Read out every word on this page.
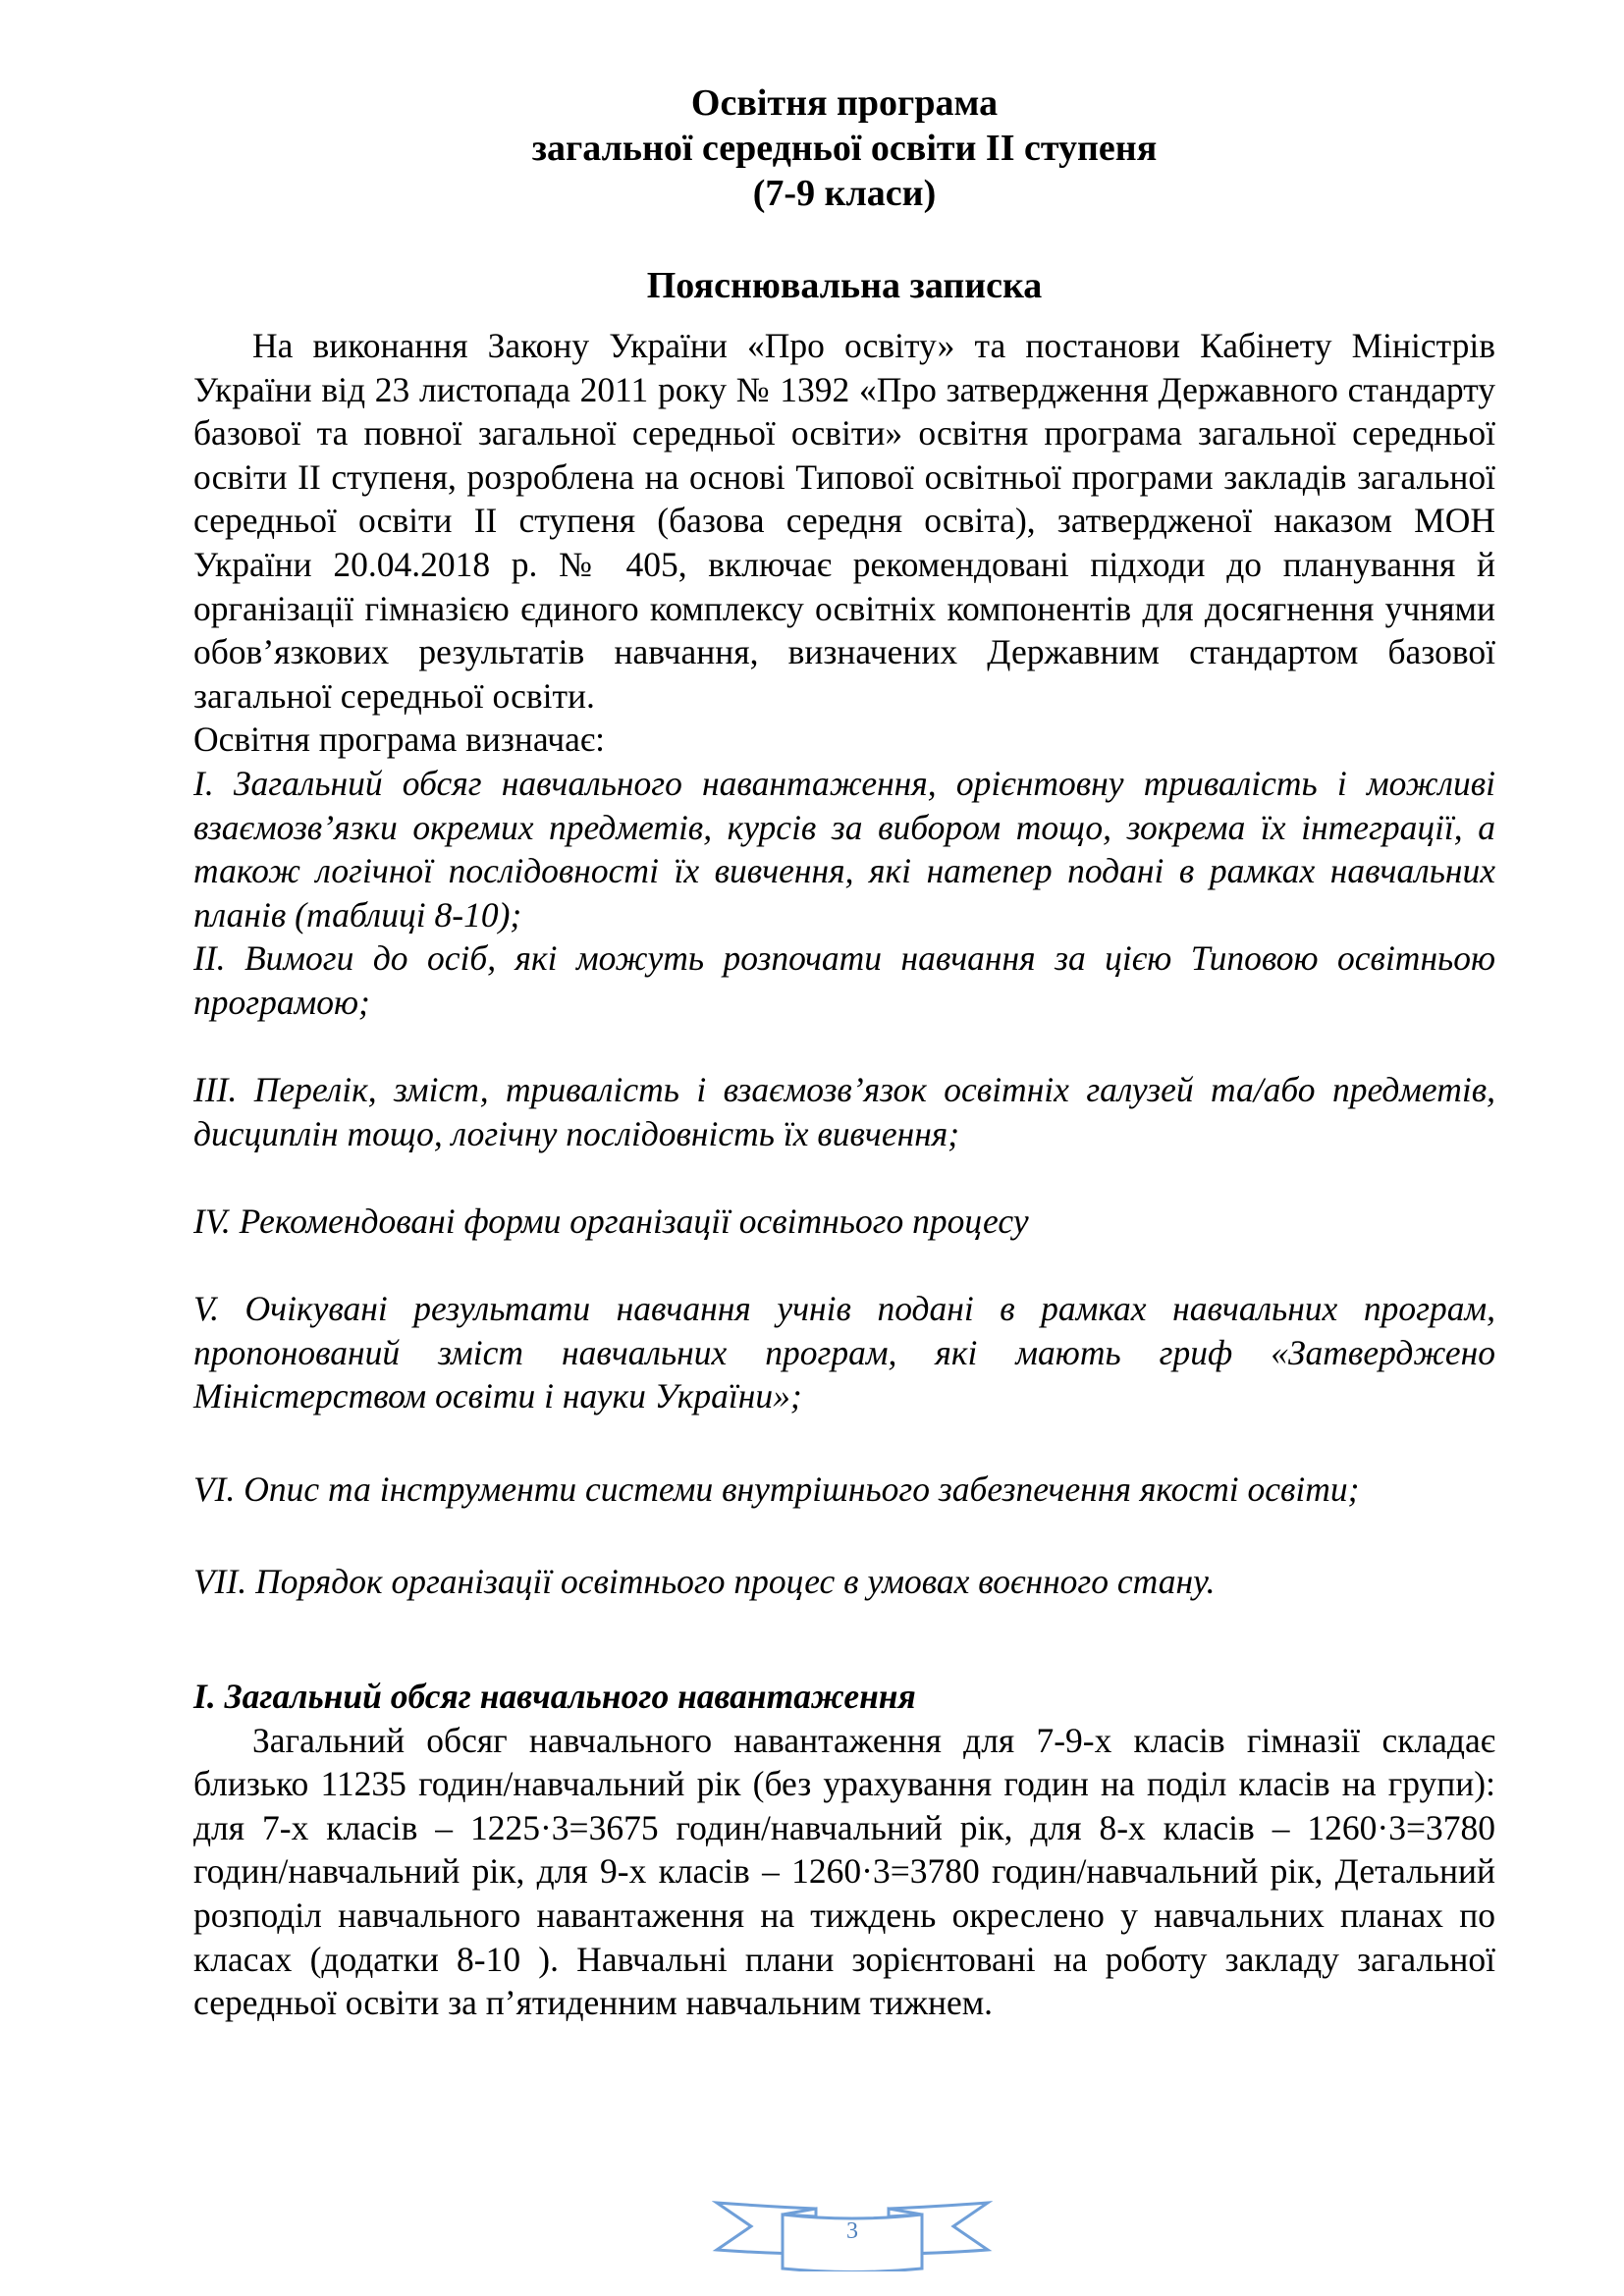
Освітня програма

загальної середньої освіти ІІ ступеня

(7-9 класи)

Пояснювальна записка

На виконання Закону України «Про освіту» та постанови Кабінету Міністрів України від 23 листопада 2011 року № 1392 «Про затвердження Державного стандарту базової та повної загальної середньої освіти» освітня програма загальної середньої освіти ІІ ступеня, розроблена на основі Типової освітньої програми закладів загальної середньої освіти ІІ ступеня (базова середня освіта), затвердженої наказом МОН України 20.04.2018 р. № 405, включає рекомендовані підходи до планування й організації гімназією єдиного комплексу освітніх компонентів для досягнення учнями обов’язкових результатів навчання, визначених Державним стандартом базової загальної середньої освіти.

Освітня програма визначає:

І. Загальний обсяг навчального навантаження, орієнтовну тривалість і можливі взаємозв’язки окремих предметів, курсів за вибором тощо, зокрема їх інтеграції, а також логічної послідовності їх вивчення, які натепер подані в рамках навчальних планів (таблиці 8-10);

ІІ. Вимоги до осіб, які можуть розпочати навчання за цією Типовою освітньою програмою;

ІІІ. Перелік, зміст, тривалість і взаємозв’язок освітніх галузей та/або предметів, дисциплін тощо, логічну послідовність їх вивчення;

ІV. Рекомендовані форми організації освітнього процесу

V. Очікувані результати навчання учнів подані в рамках навчальних програм, пропонований зміст навчальних програм, які мають гриф «Затверджено Міністерством освіти і науки України»;

VI. Опис та інструменти системи внутрішнього забезпечення якості освіти;

VII. Порядок організації освітнього процес в умовах воєнного стану.

І. Загальний обсяг навчального навантаження

Загальний обсяг навчального навантаження для 7-9-х класів гімназії складає близько 11235 годин/навчальний рік (без урахування годин на поділ класів на групи): для 7-х класів – 1225·3=3675 годин/навчальний рік, для 8-х класів – 1260·3=3780 годин/навчальний рік, для 9-х класів – 1260·3=3780 годин/навчальний рік, Детальний розподіл навчального навантаження на тиждень окреслено у навчальних планах по класах (додатки 8-10 ). Навчальні плани зорієнтовані на роботу закладу загальної середньої освіти за п’ятиденним навчальним тижнем.

3
